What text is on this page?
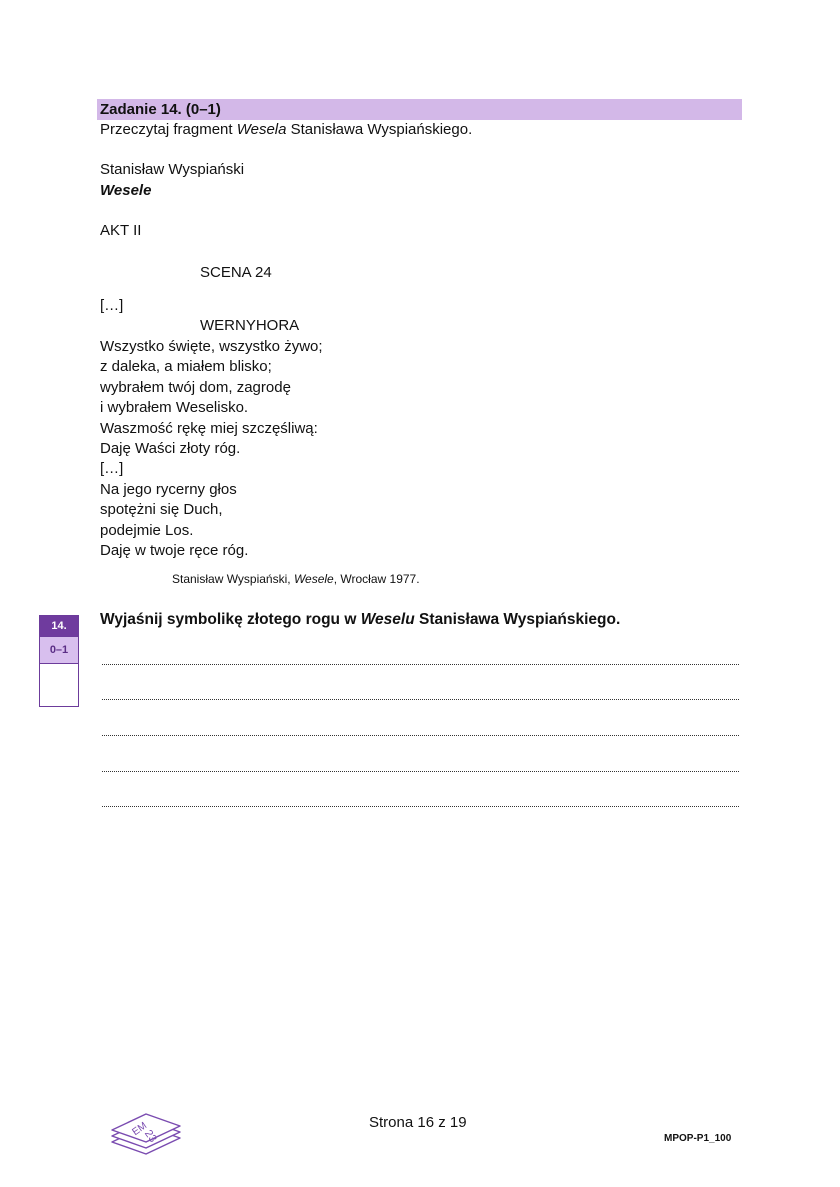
Zadanie 14. (0–1)
Przeczytaj fragment Wesela Stanisława Wyspiańskiego.
Stanisław Wyspiański
Wesele
AKT II
SCENA 24
[…]
WERNYHORA
Wszystko święte, wszystko żywo;
z daleka, a miałem blisko;
wybrałem twój dom, zagrodę
i wybrałem Weselisko.
Waszmość rękę miej szczęśliwą:
Daję Waści złoty róg.
[…]
Na jego rycerny głos
spotężni się Duch,
podejmie Los.
Daję w twoje ręce róg.
Stanisław Wyspiański, Wesele, Wrocław 1977.
14.
0–1
Wyjaśnij symbolikę złotego rogu w Weselu Stanisława Wyspiańskiego.
EM
23
Strona 16 z 19
MPOP-P1_100
